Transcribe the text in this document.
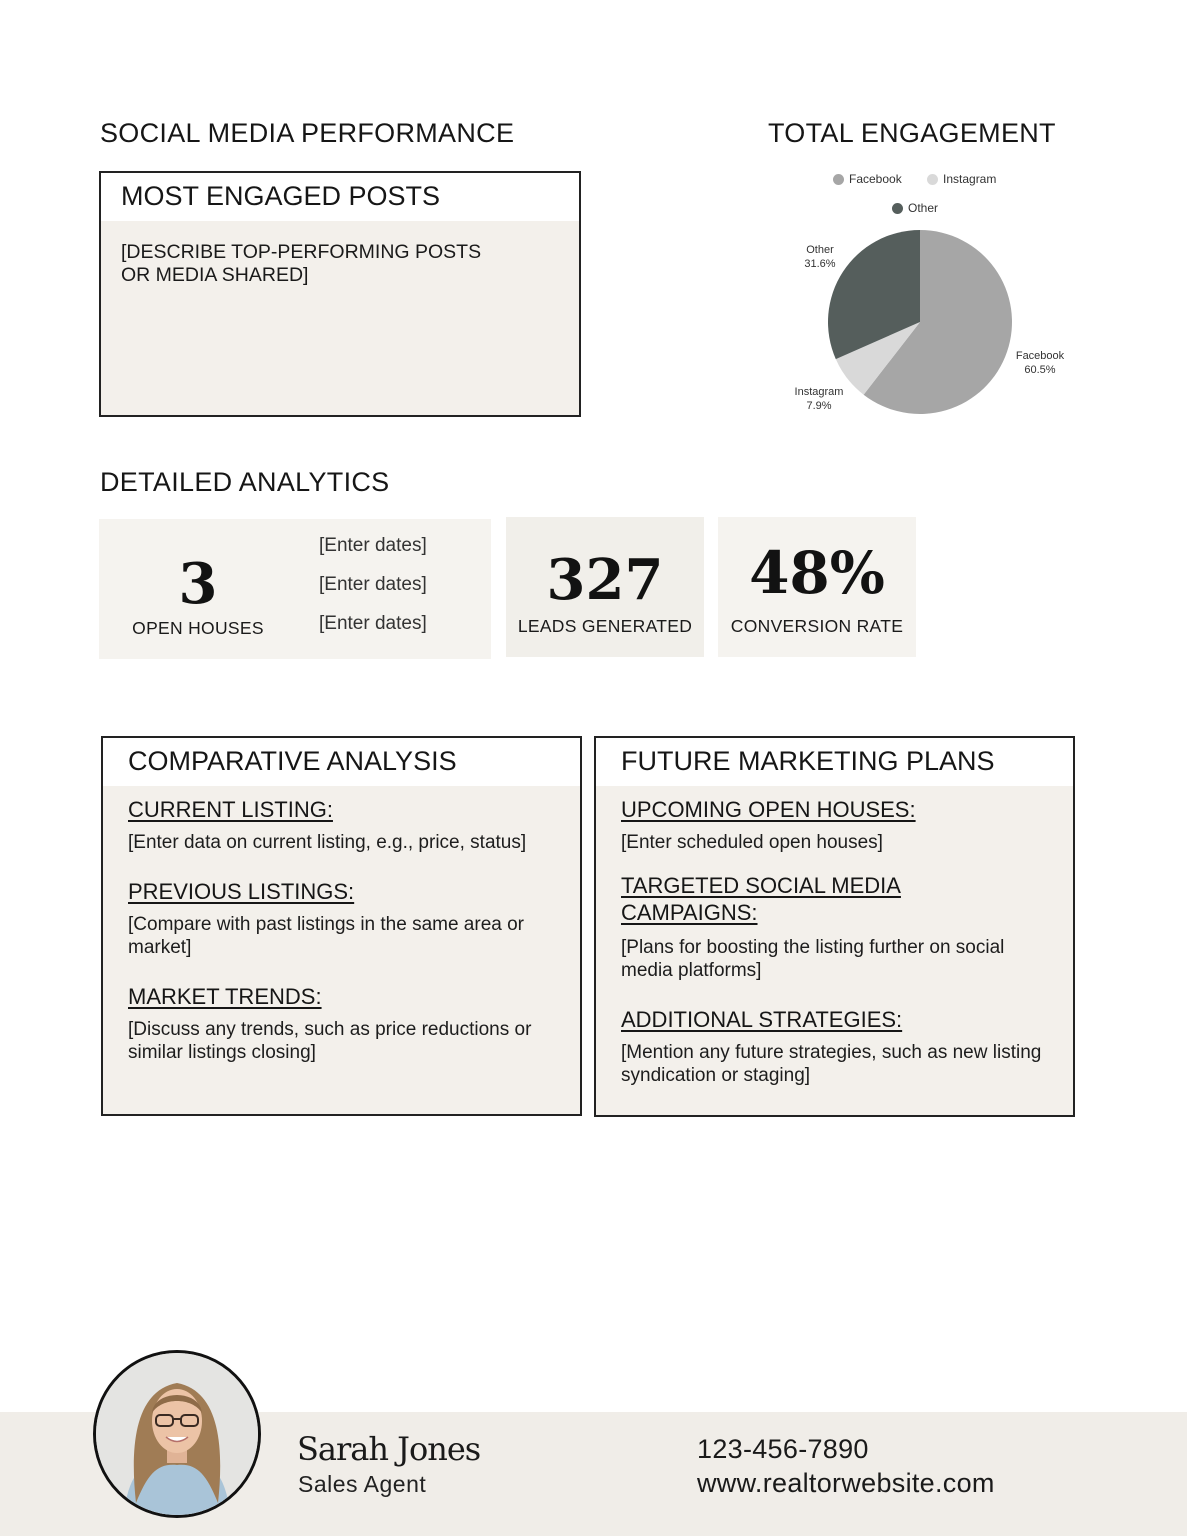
SOCIAL MEDIA PERFORMANCE
MOST ENGAGED POSTS
[DESCRIBE TOP-PERFORMING POSTS OR MEDIA SHARED]
TOTAL ENGAGEMENT
Facebook	Instagram
Other
Facebook
60.5%
Instagram
7.9%
Other
31.6%
DETAILED ANALYTICS
3
OPEN HOUSES
[Enter dates]
[Enter dates]
[Enter dates]
327
LEADS GENERATED
48%
CONVERSION RATE
COMPARATIVE ANALYSIS
CURRENT LISTING:
[Enter data on current listing, e.g., price, status]
PREVIOUS LISTINGS:
[Compare with past listings in the same area or market]
MARKET TRENDS:
[Discuss any trends, such as price reductions or similar listings closing]
FUTURE MARKETING PLANS
UPCOMING OPEN HOUSES:
[Enter scheduled open houses]
TARGETED SOCIAL MEDIA CAMPAIGNS:
[Plans for boosting the listing further on social media platforms]
ADDITIONAL STRATEGIES:
[Mention any future strategies, such as new listing syndication or staging]
Sarah Jones
Sales Agent
123-456-7890
www.realtorwebsite.com
